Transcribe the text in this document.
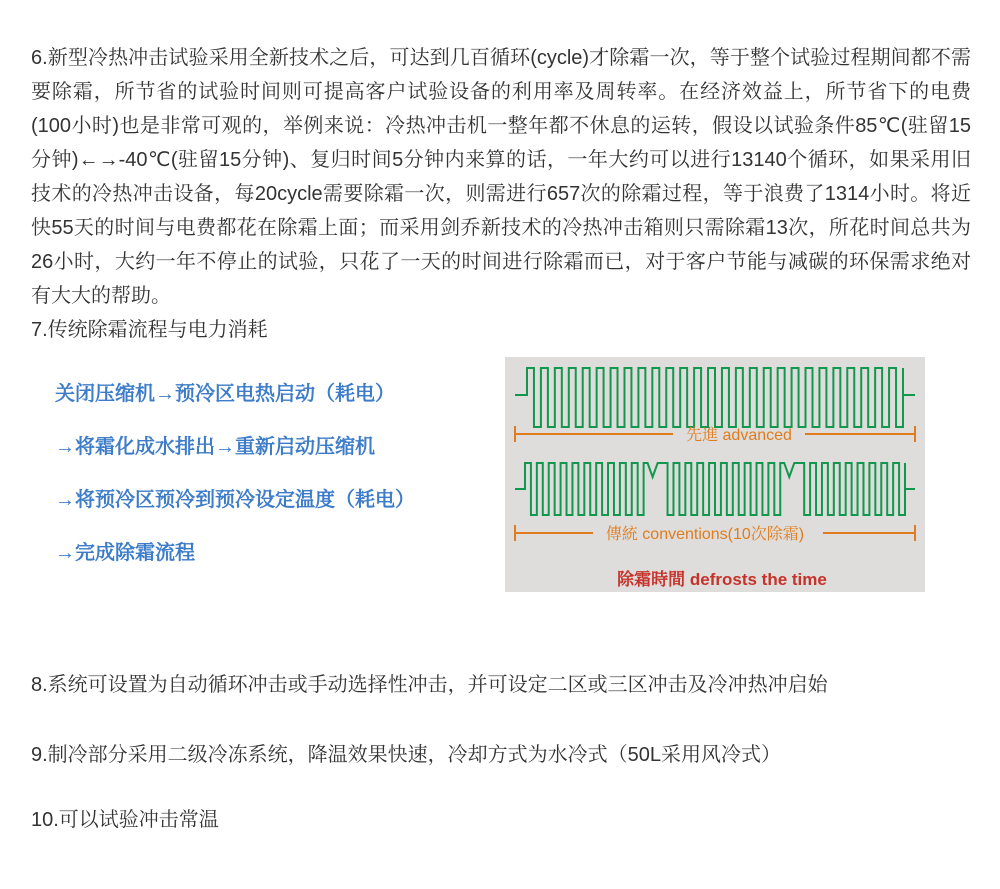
6.新型冷热冲击试验采用全新技术之后，可达到几百循环(cycle)才除霜一次，等于整个试验过程期间都不需要除霜，所节省的试验时间则可提高客户试验设备的利用率及周转率。在经济效益上，所节省下的电费(100小时)也是非常可观的，举例来说：冷热冲击机一整年都不休息的运转，假设以试验条件85℃(驻留15分钟)←→-40℃(驻留15分钟)、复归时间5分钟内来算的话，一年大约可以进行13140个循环，如果采用旧技术的冷热冲击设备，每20cycle需要除霜一次，则需进行657次的除霜过程，等于浪费了1314小时。将近快55天的时间与电费都花在除霜上面；而采用剑乔新技术的冷热冲击箱则只需除霜13次，所花时间总共为26小时，大约一年不停止的试验，只花了一天的时间进行除霜而已，对于客户节能与减碳的环保需求绝对有大大的帮助。
7.传统除霜流程与电力消耗
关闭压缩机→预冷区电热启动（耗电）
→将霜化成水排出→重新启动压缩机
→将预冷区预冷到预冷设定温度（耗电）
→完成除霜流程
先進 advanced
傳統 conventions(10次除霜)
除霜時間 defrosts the time
8.系统可设置为自动循环冲击或手动选择性冲击，并可设定二区或三区冲击及冷冲热冲启始
9.制冷部分采用二级冷冻系统，降温效果快速，冷却方式为水冷式（50L采用风冷式）
10.可以试验冲击常温
